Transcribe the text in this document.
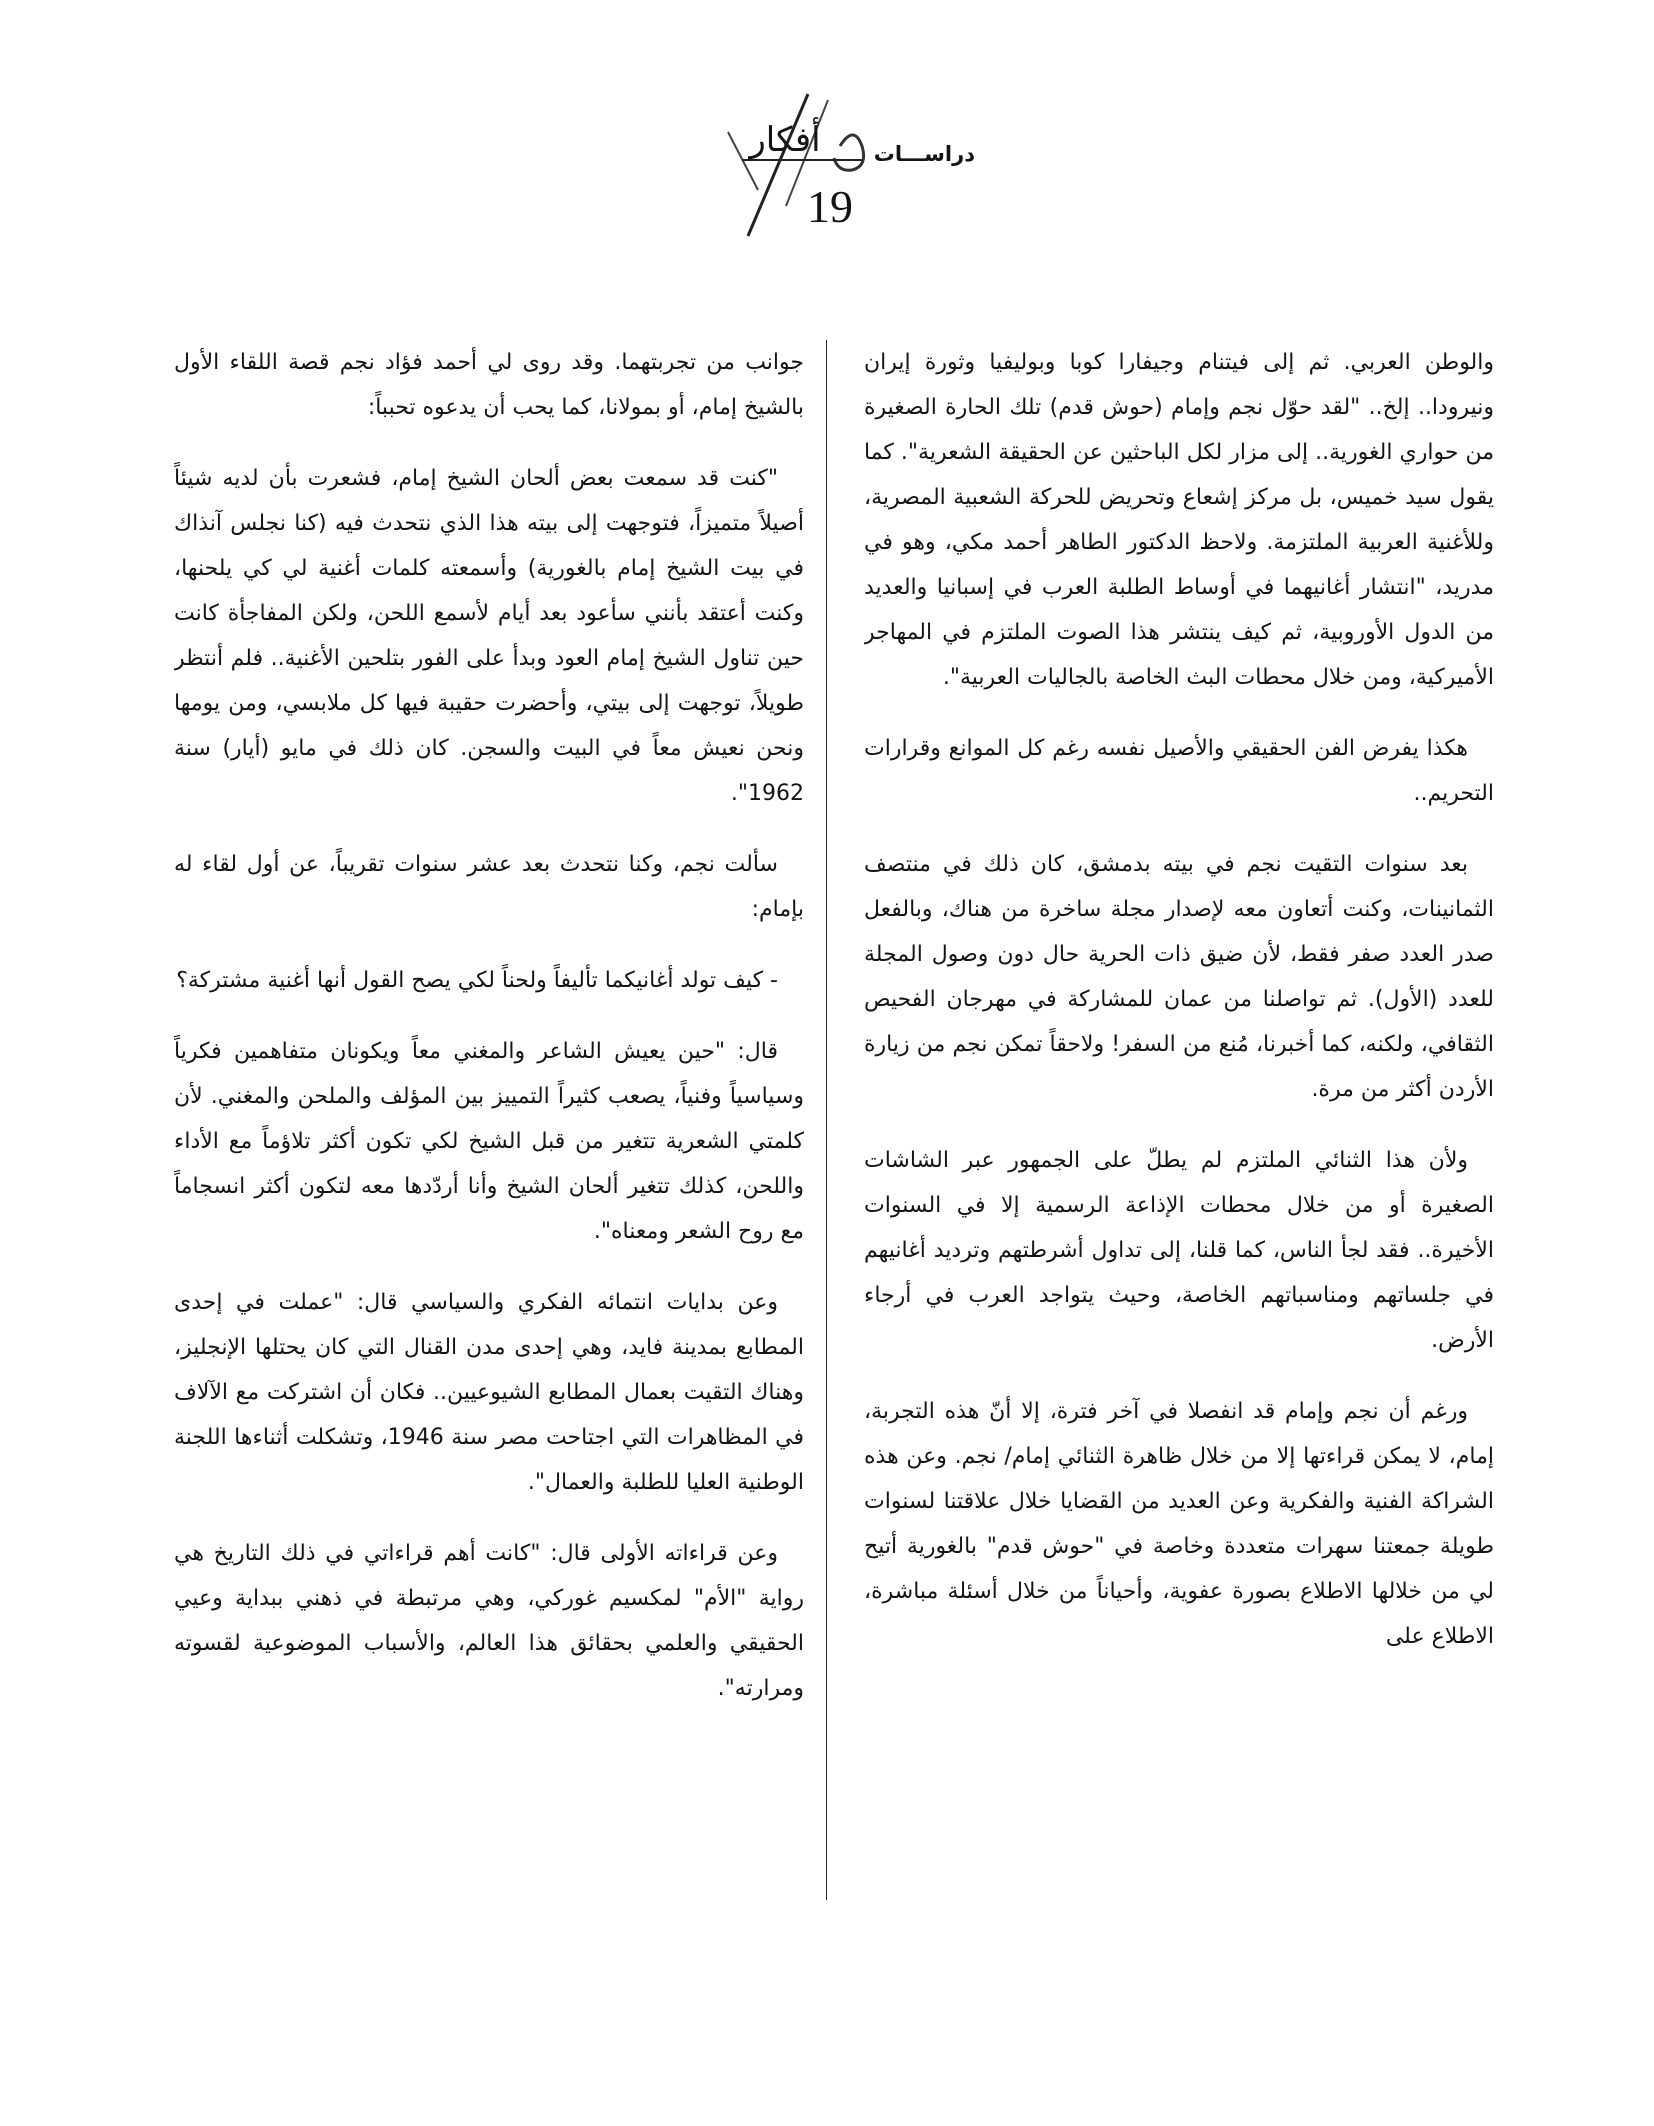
أفكار	دراســـات
19

والوطن العربي. ثم إلى فيتنام وجيفارا كوبا وبوليفيا وثورة إيران ونيرودا.. إلخ.. "لقد حوّل نجم وإمام (حوش قدم) تلك الحارة الصغيرة من حواري الغورية.. إلى مزار لكل الباحثين عن الحقيقة الشعرية". كما يقول سيد خميس، بل مركز إشعاع وتحريض للحركة الشعبية المصرية، وللأغنية العربية الملتزمة. ولاحظ الدكتور الطاهر أحمد مكي، وهو في مدريد، "انتشار أغانيهما في أوساط الطلبة العرب في إسبانيا والعديد من الدول الأوروبية، ثم كيف ينتشر هذا الصوت الملتزم في المهاجر الأميركية، ومن خلال محطات البث الخاصة بالجاليات العربية".

هكذا يفرض الفن الحقيقي والأصيل نفسه رغم كل الموانع وقرارات التحريم..

بعد سنوات التقيت نجم في بيته بدمشق، كان ذلك في منتصف الثمانينات، وكنت أتعاون معه لإصدار مجلة ساخرة من هناك، وبالفعل صدر العدد صفر فقط، لأن ضيق ذات الحرية حال دون وصول المجلة للعدد (الأول). ثم تواصلنا من عمان للمشاركة في مهرجان الفحيص الثقافي، ولكنه، كما أخبرنا، مُنع من السفر! ولاحقاً تمكن نجم من زيارة الأردن أكثر من مرة.

ولأن هذا الثنائي الملتزم لم يطلّ على الجمهور عبر الشاشات الصغيرة أو من خلال محطات الإذاعة الرسمية إلا في السنوات الأخيرة.. فقد لجأ الناس، كما قلنا، إلى تداول أشرطتهم وترديد أغانيهم في جلساتهم ومناسباتهم الخاصة، وحيث يتواجد العرب في أرجاء الأرض.

ورغم أن نجم وإمام قد انفصلا في آخر فترة، إلا أنّ هذه التجربة، إمام، لا يمكن قراءتها إلا من خلال ظاهرة الثنائي إمام/ نجم. وعن هذه الشراكة الفنية والفكرية وعن العديد من القضايا خلال علاقتنا لسنوات طويلة جمعتنا سهرات متعددة وخاصة في "حوش قدم" بالغورية أتيح لي من خلالها الاطلاع بصورة عفوية، وأحياناً من خلال أسئلة مباشرة، الاطلاع على

جوانب من تجربتهما. وقد روى لي أحمد فؤاد نجم قصة اللقاء الأول بالشيخ إمام، أو بمولانا، كما يحب أن يدعوه تحبباً:

"كنت قد سمعت بعض ألحان الشيخ إمام، فشعرت بأن لديه شيئاً أصيلاً متميزاً، فتوجهت إلى بيته هذا الذي نتحدث فيه (كنا نجلس آنذاك في بيت الشيخ إمام بالغورية) وأسمعته كلمات أغنية لي كي يلحنها، وكنت أعتقد بأنني سأعود بعد أيام لأسمع اللحن، ولكن المفاجأة كانت حين تناول الشيخ إمام العود وبدأ على الفور بتلحين الأغنية.. فلم أنتظر طويلاً، توجهت إلى بيتي، وأحضرت حقيبة فيها كل ملابسي، ومن يومها ونحن نعيش معاً في البيت والسجن. كان ذلك في مايو (أيار) سنة 1962".

سألت نجم، وكنا نتحدث بعد عشر سنوات تقريباً، عن أول لقاء له بإمام:

- كيف تولد أغانيكما تأليفاً ولحناً لكي يصح القول أنها أغنية مشتركة؟

قال: "حين يعيش الشاعر والمغني معاً ويكونان متفاهمين فكرياً وسياسياً وفنياً، يصعب كثيراً التمييز بين المؤلف والملحن والمغني. لأن كلمتي الشعرية تتغير من قبل الشيخ لكي تكون أكثر تلاؤماً مع الأداء واللحن، كذلك تتغير ألحان الشيخ وأنا أردّدها معه لتكون أكثر انسجاماً مع روح الشعر ومعناه".

وعن بدايات انتمائه الفكري والسياسي قال: "عملت في إحدى المطابع بمدينة فايد، وهي إحدى مدن القنال التي كان يحتلها الإنجليز، وهناك التقيت بعمال المطابع الشيوعيين.. فكان أن اشتركت مع الآلاف في المظاهرات التي اجتاحت مصر سنة 1946، وتشكلت أثناءها اللجنة الوطنية العليا للطلبة والعمال".

وعن قراءاته الأولى قال: "كانت أهم قراءاتي في ذلك التاريخ هي رواية "الأم" لمكسيم غوركي، وهي مرتبطة في ذهني ببداية وعيي الحقيقي والعلمي بحقائق هذا العالم، والأسباب الموضوعية لقسوته ومرارته".
